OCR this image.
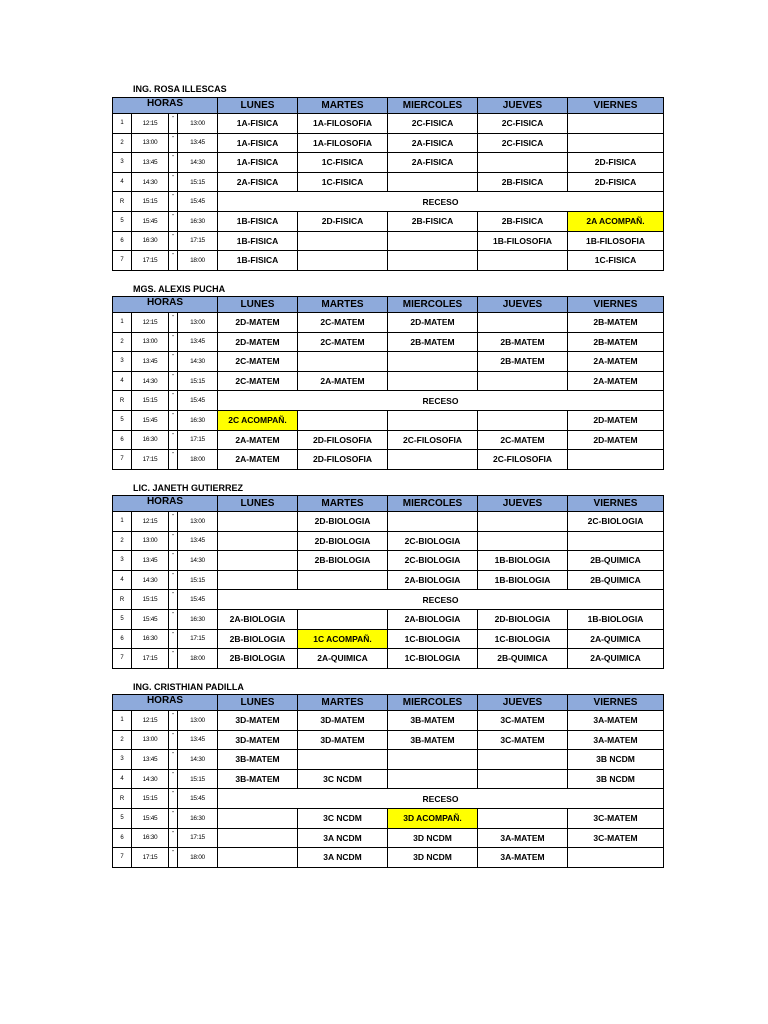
ING. ROSA ILLESCAS
HORAS				LUNES	MARTES	MIERCOLES	JUEVES	VIERNES
1	12:15	-	13:00	1A-FISICA	1A-FILOSOFIA	2C-FISICA	2C-FISICA	
2	13:00	-	13:45	1A-FISICA	1A-FILOSOFIA	2A-FISICA	2C-FISICA	
3	13:45	-	14:30	1A-FISICA	1C-FISICA	2A-FISICA		2D-FISICA
4	14:30	-	15:15	2A-FISICA	1C-FISICA		2B-FISICA	2D-FISICA
R	15:15	-	15:45	RECESO				
5	15:45	-	16:30	1B-FISICA	2D-FISICA	2B-FISICA	2B-FISICA	2A ACOMPAÑ.
6	16:30	-	17:15	1B-FISICA			1B-FILOSOFIA	1B-FILOSOFIA
7	17:15	-	18:00	1B-FISICA				1C-FISICA
MGS. ALEXIS PUCHA
HORAS				LUNES	MARTES	MIERCOLES	JUEVES	VIERNES
1	12:15	-	13:00	2D-MATEM	2C-MATEM	2D-MATEM		2B-MATEM
2	13:00	-	13:45	2D-MATEM	2C-MATEM	2B-MATEM	2B-MATEM	2B-MATEM
3	13:45	-	14:30	2C-MATEM			2B-MATEM	2A-MATEM
4	14:30	-	15:15	2C-MATEM	2A-MATEM			2A-MATEM
R	15:15	-	15:45	RECESO				
5	15:45	-	16:30	2C ACOMPAÑ.				2D-MATEM
6	16:30	-	17:15	2A-MATEM	2D-FILOSOFIA	2C-FILOSOFIA	2C-MATEM	2D-MATEM
7	17:15	-	18:00	2A-MATEM	2D-FILOSOFIA		2C-FILOSOFIA	
LIC. JANETH GUTIERREZ
HORAS				LUNES	MARTES	MIERCOLES	JUEVES	VIERNES
1	12:15	-	13:00		2D-BIOLOGIA			2C-BIOLOGIA
2	13:00	-	13:45		2D-BIOLOGIA	2C-BIOLOGIA		
3	13:45	-	14:30		2B-BIOLOGIA	2C-BIOLOGIA	1B-BIOLOGIA	2B-QUIMICA
4	14:30	-	15:15			2A-BIOLOGIA	1B-BIOLOGIA	2B-QUIMICA
R	15:15	-	15:45	RECESO				
5	15:45	-	16:30	2A-BIOLOGIA		2A-BIOLOGIA	2D-BIOLOGIA	1B-BIOLOGIA
6	16:30	-	17:15	2B-BIOLOGIA	1C ACOMPAÑ.	1C-BIOLOGIA	1C-BIOLOGIA	2A-QUIMICA
7	17:15	-	18:00	2B-BIOLOGIA	2A-QUIMICA	1C-BIOLOGIA	2B-QUIMICA	2A-QUIMICA
ING. CRISTHIAN PADILLA
HORAS				LUNES	MARTES	MIERCOLES	JUEVES	VIERNES
1	12:15	-	13:00	3D-MATEM	3D-MATEM	3B-MATEM	3C-MATEM	3A-MATEM
2	13:00	-	13:45	3D-MATEM	3D-MATEM	3B-MATEM	3C-MATEM	3A-MATEM
3	13:45	-	14:30	3B-MATEM				3B NCDM
4	14:30	-	15:15	3B-MATEM	3C NCDM			3B NCDM
R	15:15	-	15:45	RECESO				
5	15:45	-	16:30		3C NCDM	3D ACOMPAÑ.		3C-MATEM
6	16:30	-	17:15		3A NCDM	3D NCDM	3A-MATEM	3C-MATEM
7	17:15	-	18:00		3A NCDM	3D NCDM	3A-MATEM	
